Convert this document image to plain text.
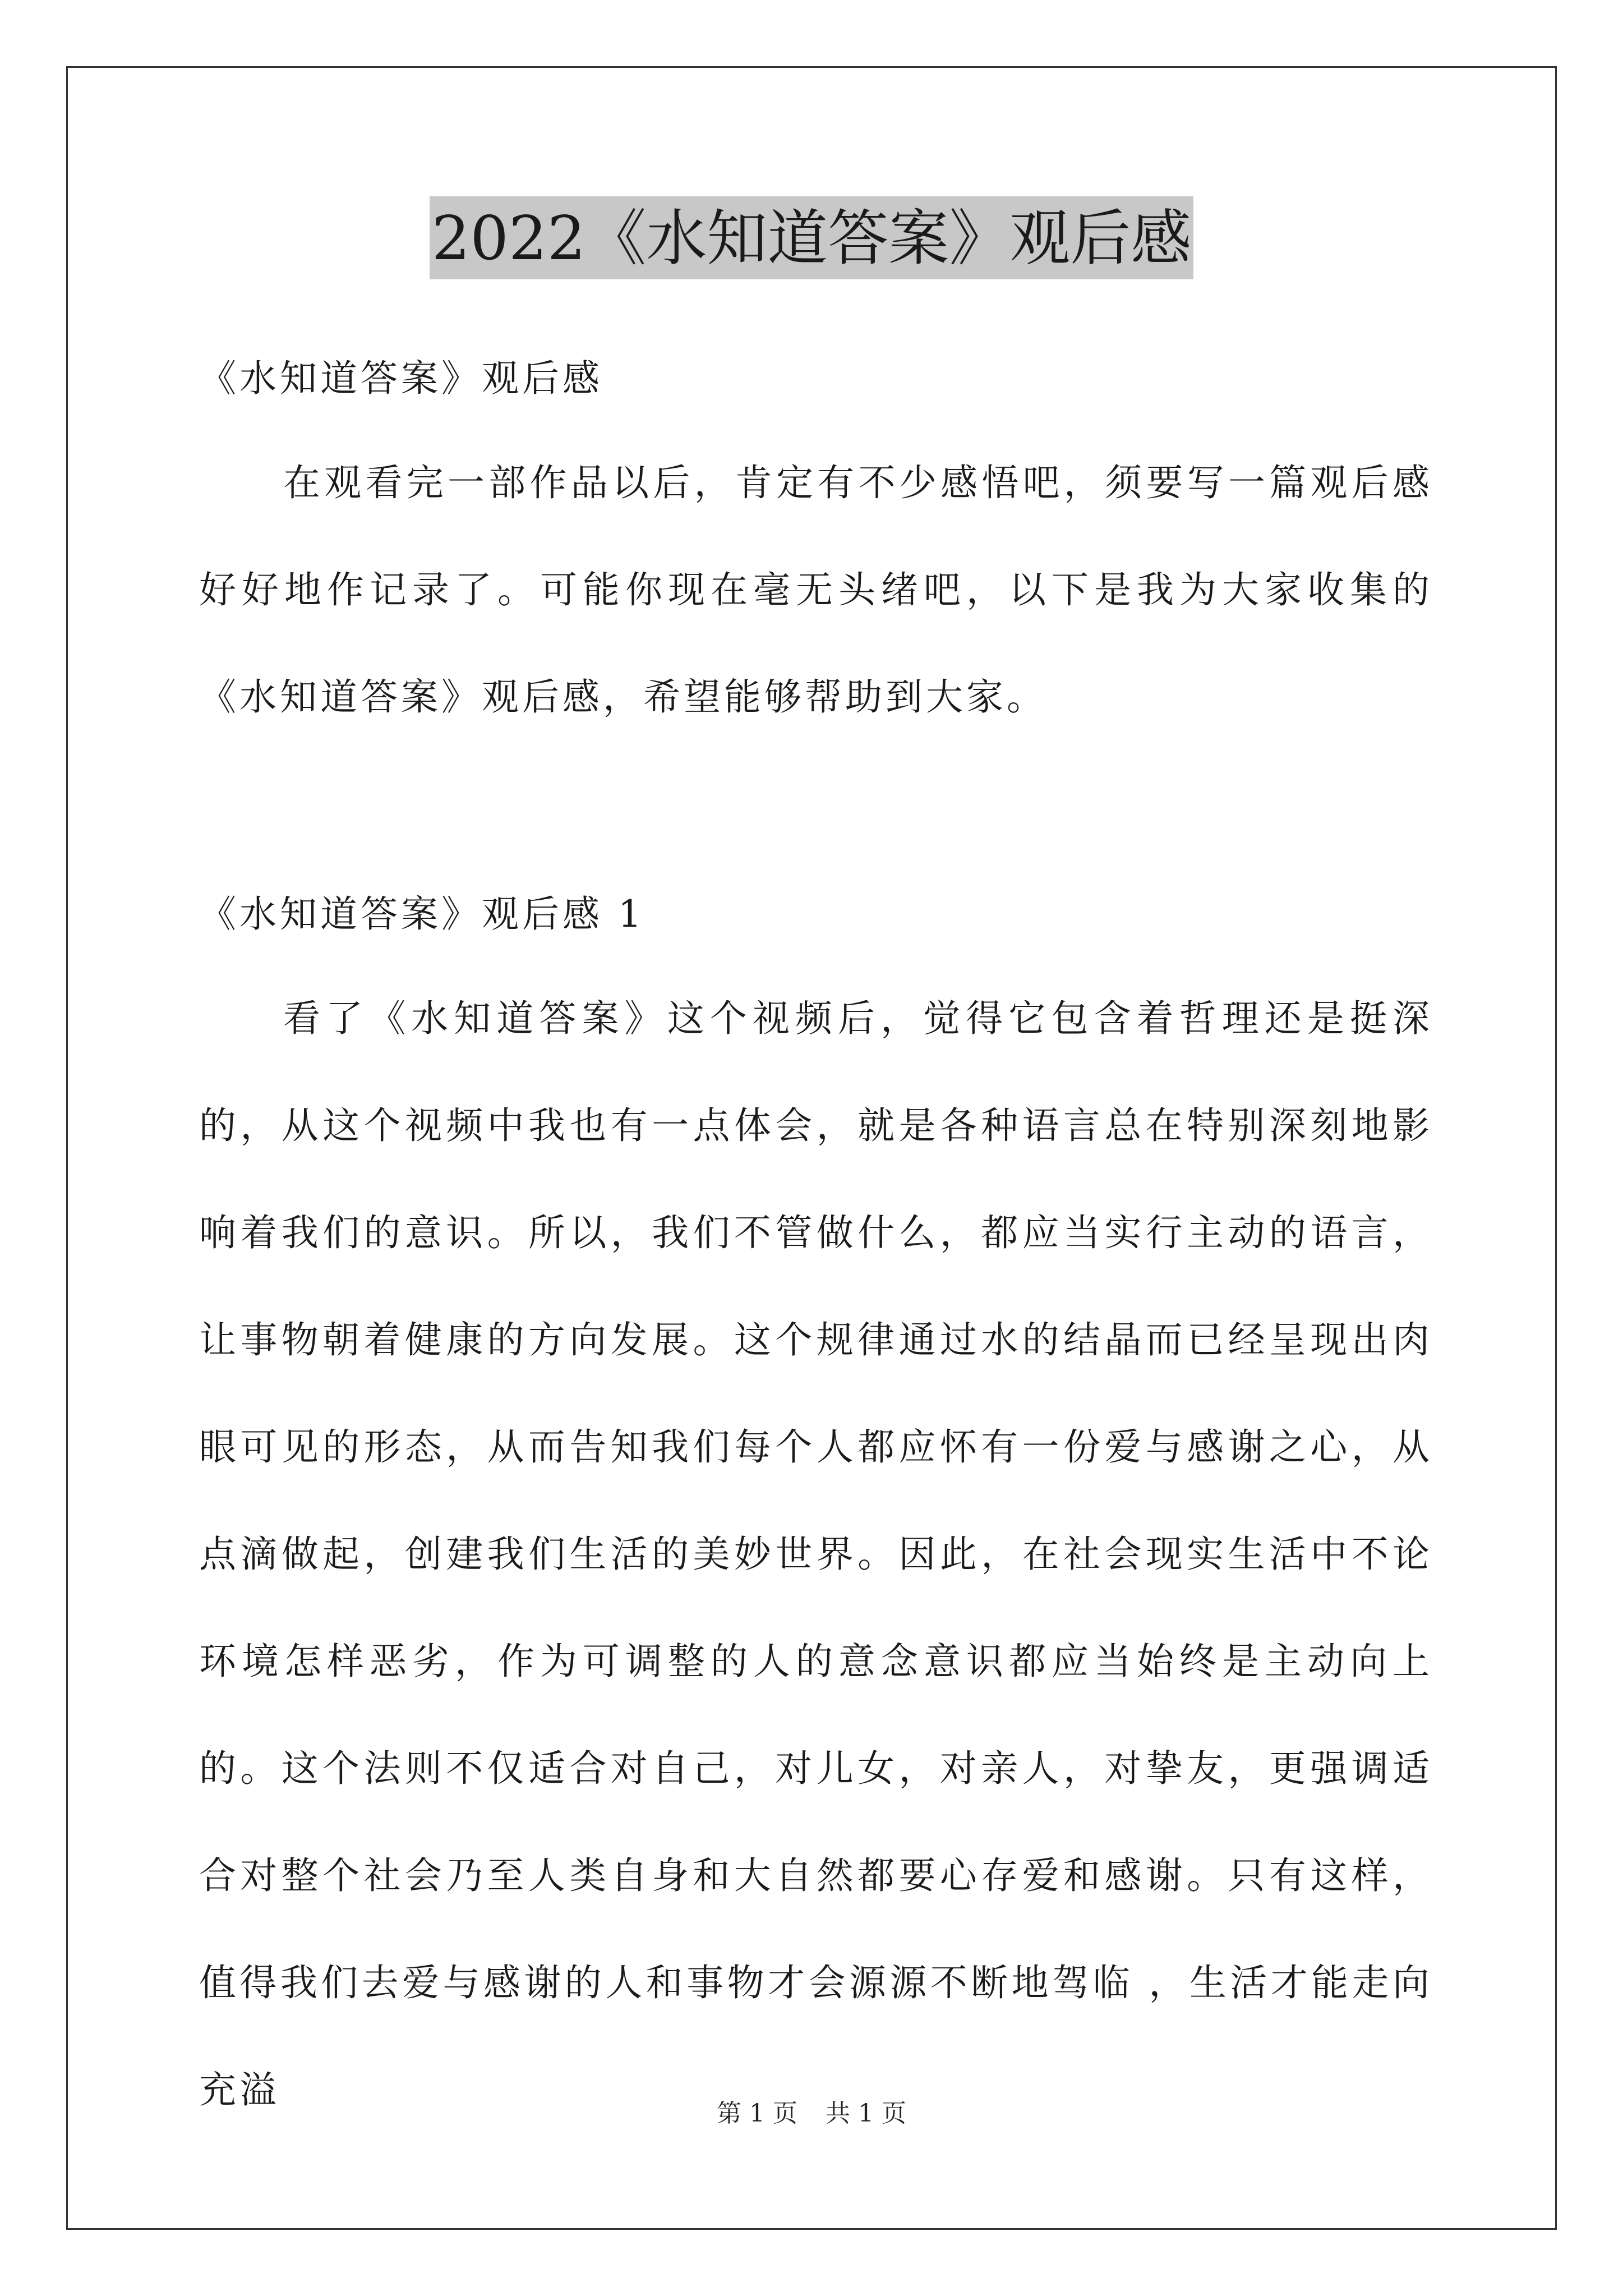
2022《水知道答案》观后感

《水知道答案》观后感

在观看完一部作品以后，肯定有不少感悟吧，须要写一篇观后感好好地作记录了。可能你现在毫无头绪吧，以下是我为大家收集的《水知道答案》观后感，希望能够帮助到大家。

《水知道答案》观后感 1

看了《水知道答案》这个视频后，觉得它包含着哲理还是挺深的，从这个视频中我也有一点体会，就是各种语言总在特别深刻地影响着我们的意识。所以，我们不管做什么，都应当实行主动的语言，让事物朝着健康的方向发展。这个规律通过水的结晶而已经呈现出肉眼可见的形态，从而告知我们每个人都应怀有一份爱与感谢之心，从点滴做起，创建我们生活的美妙世界。因此，在社会现实生活中不论环境怎样恶劣，作为可调整的人的意念意识都应当始终是主动向上的。这个法则不仅适合对自己，对儿女，对亲人，对挚友，更强调适合对整个社会乃至人类自身和大自然都要心存爱和感谢。只有这样，值得我们去爱与感谢的人和事物才会源源不断地驾临 ，生活才能走向充溢

第 1 页 共 1 页
